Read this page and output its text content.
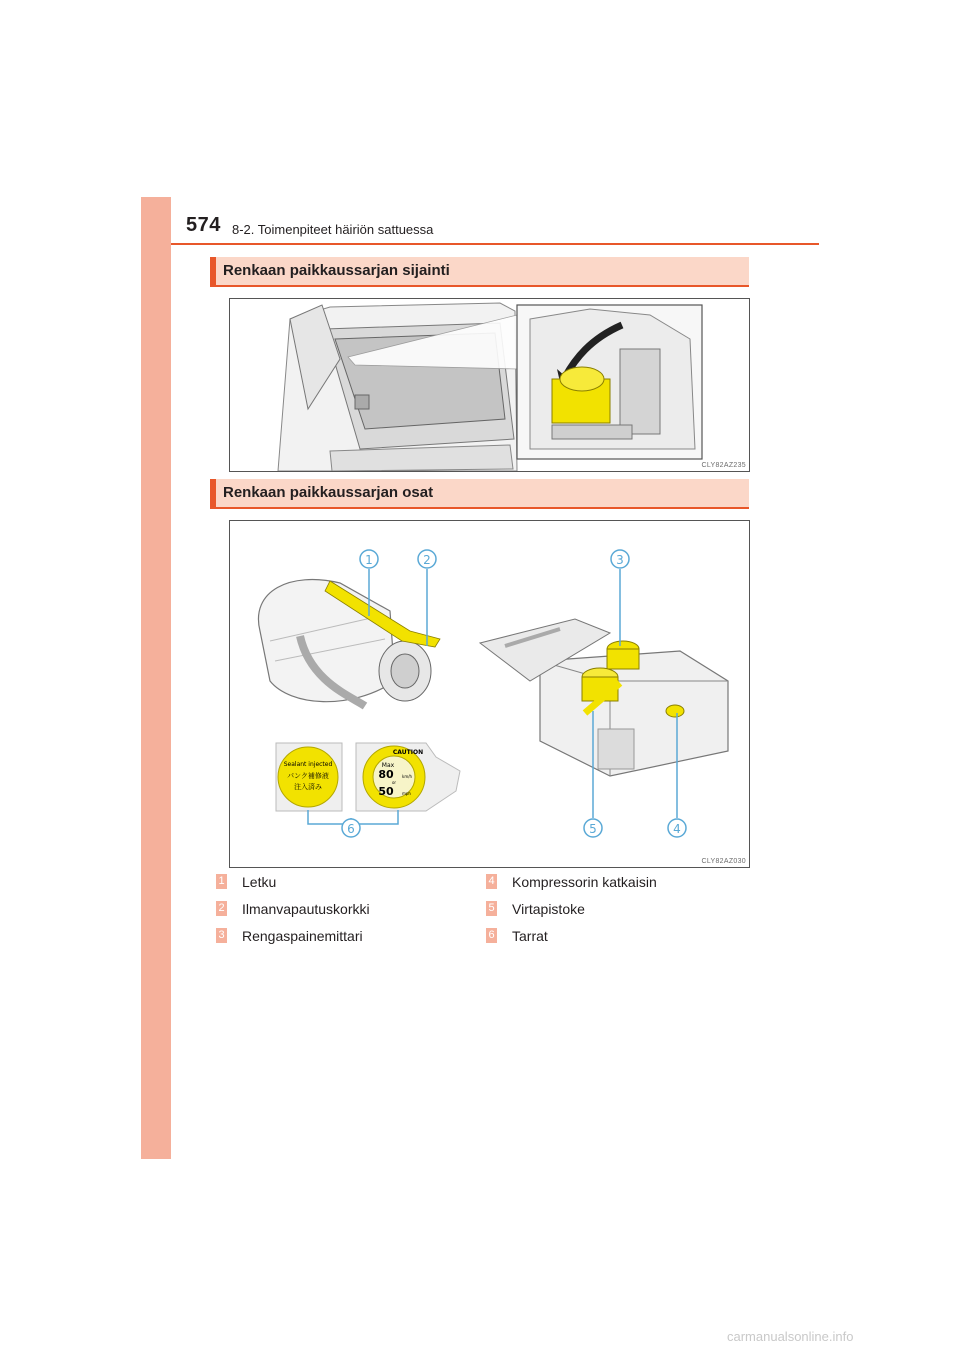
574 8-2. Toimenpiteet häiriön sattuessa
Renkaan paikkaussarjan sijainti
CLY82AZ235
Renkaan paikkaussarjan osat
Sealant injected
パンク補修液
注入済み
CAUTION
Max
80 km/h
or
50 mph
1	2	3
4
5
6
CLY82AZ030
1 Letku
2 Ilmanvapautuskorkki
3 Rengaspainemittari
4 Kompressorin katkaisin
5 Virtapistoke
6 Tarrat
carmanualsonline.info
